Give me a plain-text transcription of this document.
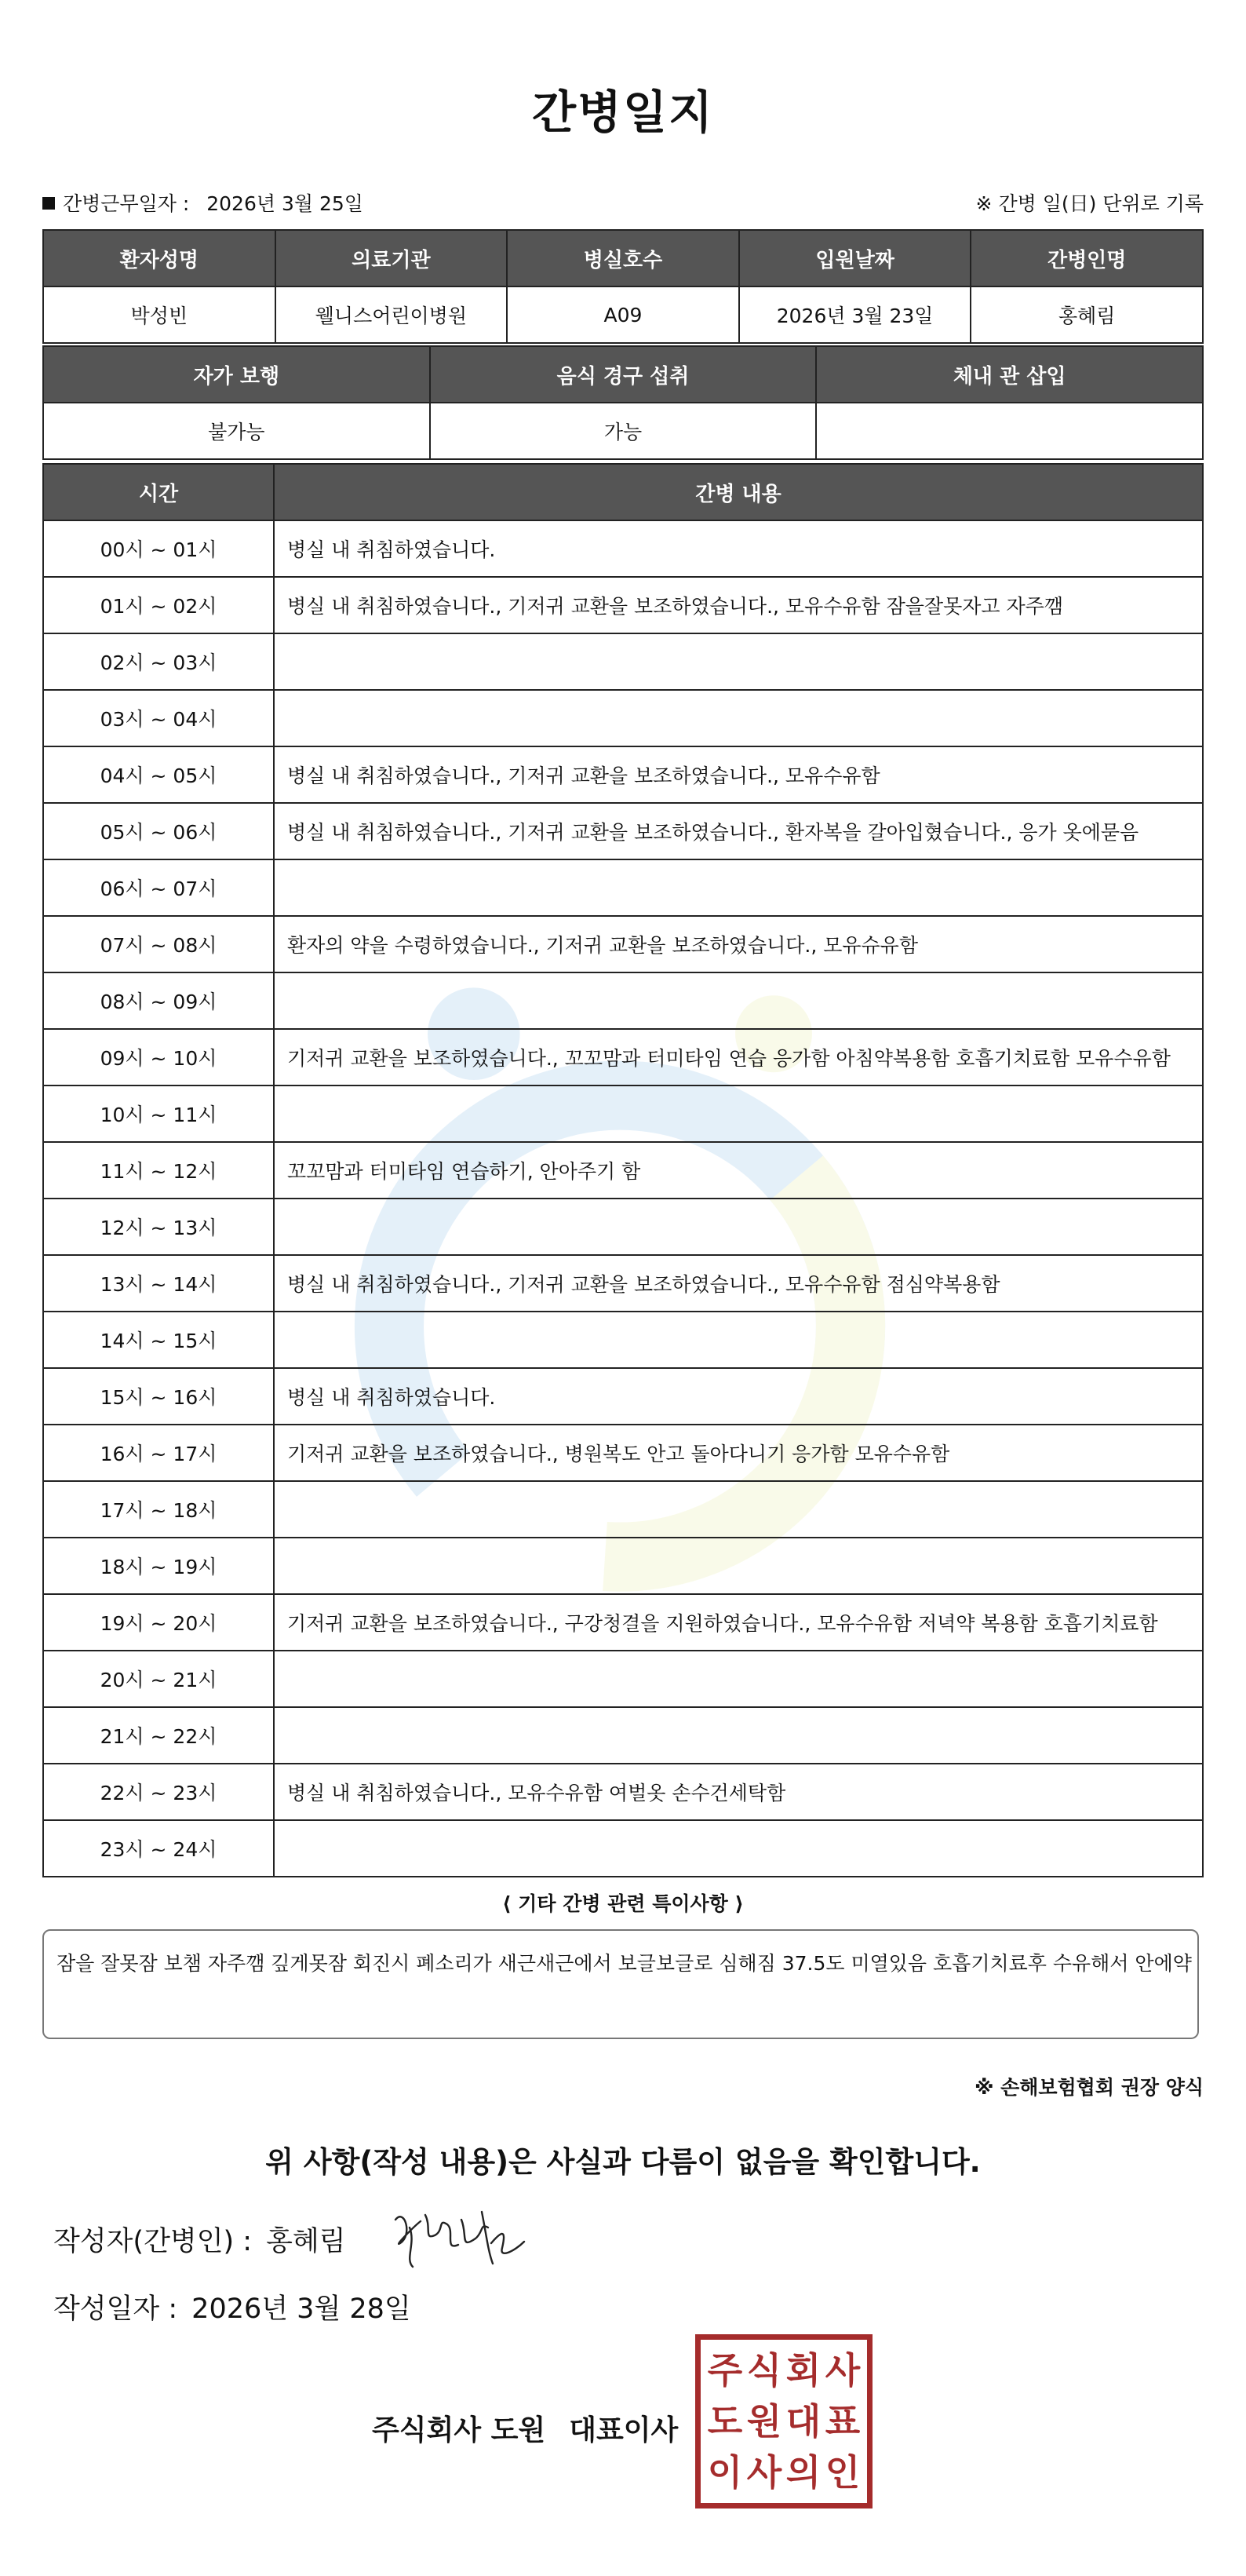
간병일지
간병근무일자 : 2026년 3월 25일	※ 간병 일(日) 단위로 기록
환자성명	의료기관	병실호수	입원날짜	간병인명
박성빈	웰니스어린이병원	A09	2026년 3월 23일	홍혜림
자가 보행	음식 경구 섭취	체내 관 삽입
불가능	가능	
시간	간병 내용
00시 ~ 01시	병실 내 취침하였습니다.
01시 ~ 02시	병실 내 취침하였습니다., 기저귀 교환을 보조하였습니다., 모유수유함 잠을잘못자고 자주깸
02시 ~ 03시	
03시 ~ 04시	
04시 ~ 05시	병실 내 취침하였습니다., 기저귀 교환을 보조하였습니다., 모유수유함
05시 ~ 06시	병실 내 취침하였습니다., 기저귀 교환을 보조하였습니다., 환자복을 갈아입혔습니다., 응가 옷에묻음
06시 ~ 07시	
07시 ~ 08시	환자의 약을 수령하였습니다., 기저귀 교환을 보조하였습니다., 모유슈유함
08시 ~ 09시	
09시 ~ 10시	기저귀 교환을 보조하였습니다., 꼬꼬맘과 터미타임 연습 응가함 아침약복용함 호흡기치료함 모유수유함
10시 ~ 11시	
11시 ~ 12시	꼬꼬맘과 터미타임 연습하기, 안아주기 함
12시 ~ 13시	
13시 ~ 14시	병실 내 취침하였습니다., 기저귀 교환을 보조하였습니다., 모유수유함 점심약복용함
14시 ~ 15시	
15시 ~ 16시	병실 내 취침하였습니다.
16시 ~ 17시	기저귀 교환을 보조하였습니다., 병원복도 안고 돌아다니기 응가함 모유수유함
17시 ~ 18시	
18시 ~ 19시	
19시 ~ 20시	기저귀 교환을 보조하였습니다., 구강청결을 지원하였습니다., 모유수유함 저녁약 복용함 호흡기치료함
20시 ~ 21시	
21시 ~ 22시	
22시 ~ 23시	병실 내 취침하였습니다., 모유수유함 여벌옷 손수건세탁함
23시 ~ 24시	
⟨ 기타 간병 관련 특이사항 ⟩
잠을 잘못잠 보챔 자주깸 깊게못잠 회진시 폐소리가 새근새근에서 보글보글로 심해짐 37.5도 미열있음 호흡기치료후 수유해서 안에약
※ 손해보험협회 권장 양식
위 사항(작성 내용)은 사실과 다름이 없음을 확인합니다.
작성자(간병인) : 홍혜림
작성일자 : 2026년 3월 28일
주식회사 도원 대표이사
주 식 회 사
도 원 대 표
이 사 의 인
